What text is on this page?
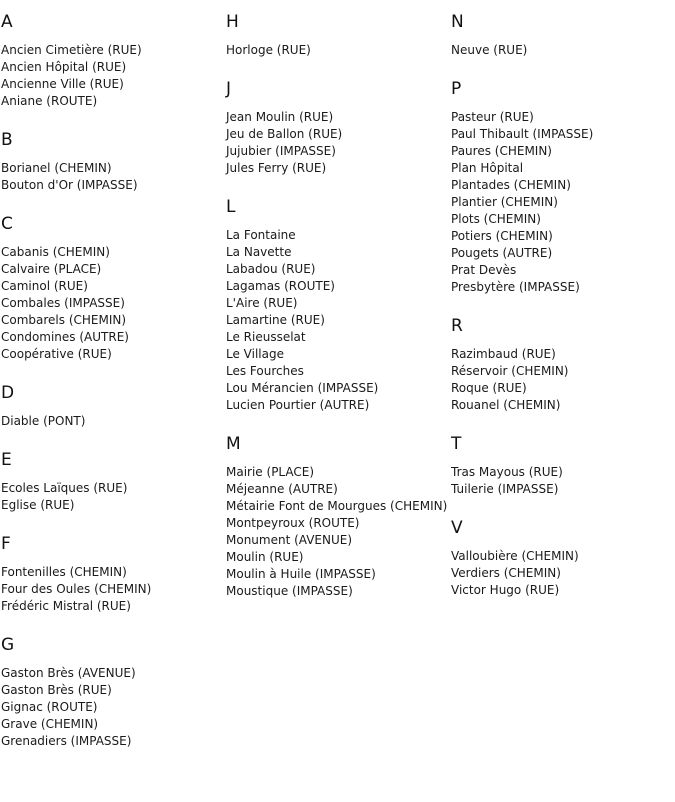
A
Ancien Cimetière (RUE)
Ancien Hôpital (RUE)
Ancienne Ville (RUE)
Aniane (ROUTE)
B
Borianel (CHEMIN)
Bouton d'Or (IMPASSE)
C
Cabanis (CHEMIN)
Calvaire (PLACE)
Caminol (RUE)
Combales (IMPASSE)
Combarels (CHEMIN)
Condomines (AUTRE)
Coopérative (RUE)
D
Diable (PONT)
E
Ecoles Laïques (RUE)
Eglise (RUE)
F
Fontenilles (CHEMIN)
Four des Oules (CHEMIN)
Frédéric Mistral (RUE)
G
Gaston Brès (AVENUE)
Gaston Brès (RUE)
Gignac (ROUTE)
Grave (CHEMIN)
Grenadiers (IMPASSE)
H
Horloge (RUE)
J
Jean Moulin (RUE)
Jeu de Ballon (RUE)
Jujubier (IMPASSE)
Jules Ferry (RUE)
L
La Fontaine
La Navette
Labadou (RUE)
Lagamas (ROUTE)
L'Aire (RUE)
Lamartine (RUE)
Le Rieusselat
Le Village
Les Fourches
Lou Mérancien (IMPASSE)
Lucien Pourtier (AUTRE)
M
Mairie (PLACE)
Méjeanne (AUTRE)
Métairie Font de Mourgues (CHEMIN)
Montpeyroux (ROUTE)
Monument (AVENUE)
Moulin (RUE)
Moulin à Huile (IMPASSE)
Moustique (IMPASSE)
N
Neuve (RUE)
P
Pasteur (RUE)
Paul Thibault (IMPASSE)
Paures (CHEMIN)
Plan Hôpital
Plantades (CHEMIN)
Plantier (CHEMIN)
Plots (CHEMIN)
Potiers (CHEMIN)
Pougets (AUTRE)
Prat Devès
Presbytère (IMPASSE)
R
Razimbaud (RUE)
Réservoir (CHEMIN)
Roque (RUE)
Rouanel (CHEMIN)
T
Tras Mayous (RUE)
Tuilerie (IMPASSE)
V
Valloubière (CHEMIN)
Verdiers (CHEMIN)
Victor Hugo (RUE)
